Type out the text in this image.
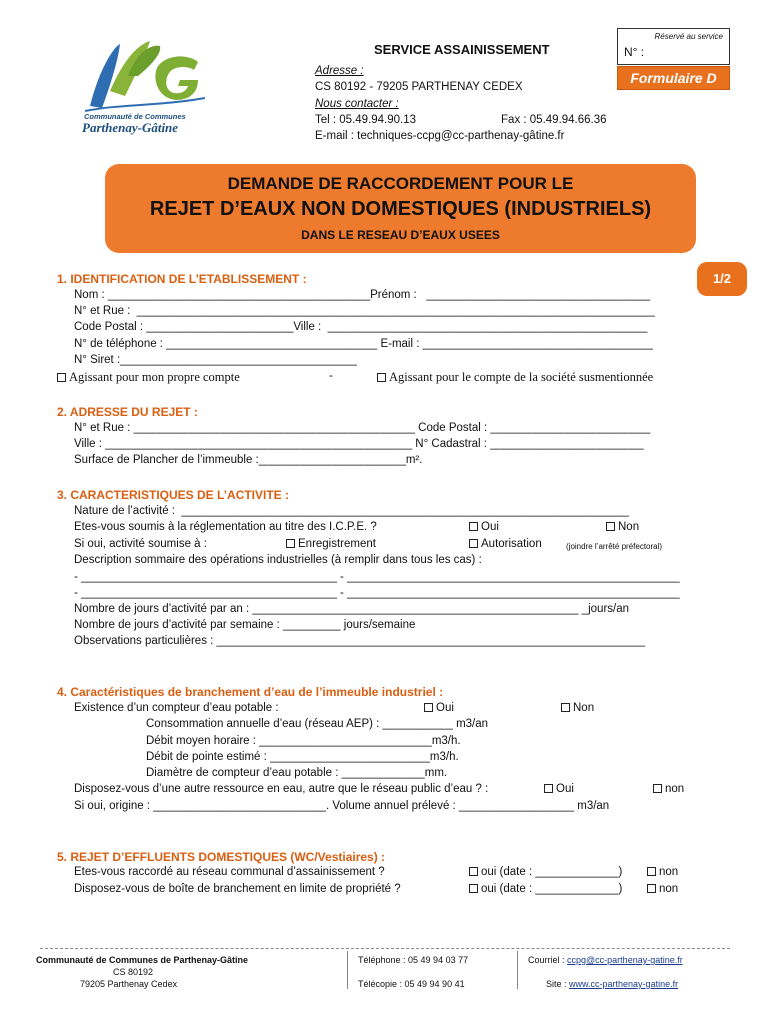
Communauté de Communes
Parthenay-Gâtine
SERVICE ASSAINISSEMENT
Adresse :
CS 80192 - 79205 PARTHENAY CEDEX
Nous contacter :
Tel : 05.49.94.90.13	Fax : 05.49.94.66.36
E-mail : techniques-ccpg@cc-parthenay-gâtine.fr
Réservé au service
N° :
Formulaire D
DEMANDE DE RACCORDEMENT POUR LE
REJET D’EAUX NON DOMESTIQUES (INDUSTRIELS)
DANS LE RESEAU D’EAUX USEES
1/2
1. IDENTIFICATION DE L’ETABLISSEMENT :
Nom : _________________________________________Prénom :   ___________________________________
N° et Rue :  _________________________________________________________________________________
Code Postal : _______________________Ville :  __________________________________________________
N° de téléphone : _________________________________ E-mail : ____________________________________
N° Siret :_____________________________________
Agissant pour mon propre compte	-	Agissant pour le compte de la société susmentionnée
2. ADRESSE DU REJET :
N° et Rue : ____________________________________________ Code Postal : _________________________
Ville : ________________________________________________ N° Cadastral : ________________________
Surface de Plancher de l’immeuble :_______________________m².
3. CARACTERISTIQUES DE L’ACTIVITE :
Nature de l’activité :  ______________________________________________________________________
Etes-vous soumis à la réglementation au titre des I.C.P.E. ?	Oui	Non
Si oui, activité soumise à :	Enregistrement	Autorisation	(joindre l’arrêté préfectoral)
Description sommaire des opérations industrielles (à remplir dans tous les cas) :
- ________________________________________ - ____________________________________________________
- ________________________________________ - ____________________________________________________
Nombre de jours d’activité par an : ___________________________________________________ _jours/an
Nombre de jours d’activité par semaine : _________ jours/semaine
Observations particulières : ___________________________________________________________________
4. Caractéristiques de branchement d’eau de l’immeuble industriel :
Existence d’un compteur d’eau potable :	Oui	Non
Consommation annuelle d’eau (réseau AEP) : ___________ m3/an
Débit moyen horaire : ___________________________m3/h.
Débit de pointe estimé : _________________________m3/h.
Diamètre de compteur d’eau potable : _____________mm.
Disposez-vous d’une autre ressource en eau, autre que le réseau public d’eau ? :	Oui	non
Si oui, origine : ___________________________. Volume annuel prélevé : __________________ m3/an
5. REJET D’EFFLUENTS DOMESTIQUES (WC/Vestiaires) :
Etes-vous raccordé au réseau communal d’assainissement ?	oui (date : _____________)	non
Disposez-vous de boîte de branchement en limite de propriété ?	oui (date : _____________)	non
Communauté de Communes de Parthenay-Gâtine
CS 80192
79205 Parthenay Cedex
Téléphone : 05 49 94 03 77
Télécopie : 05 49 94 90 41
Courriel : ccpg@cc-parthenay-gatine.fr
Site : www.cc-parthenay-gatine.fr
